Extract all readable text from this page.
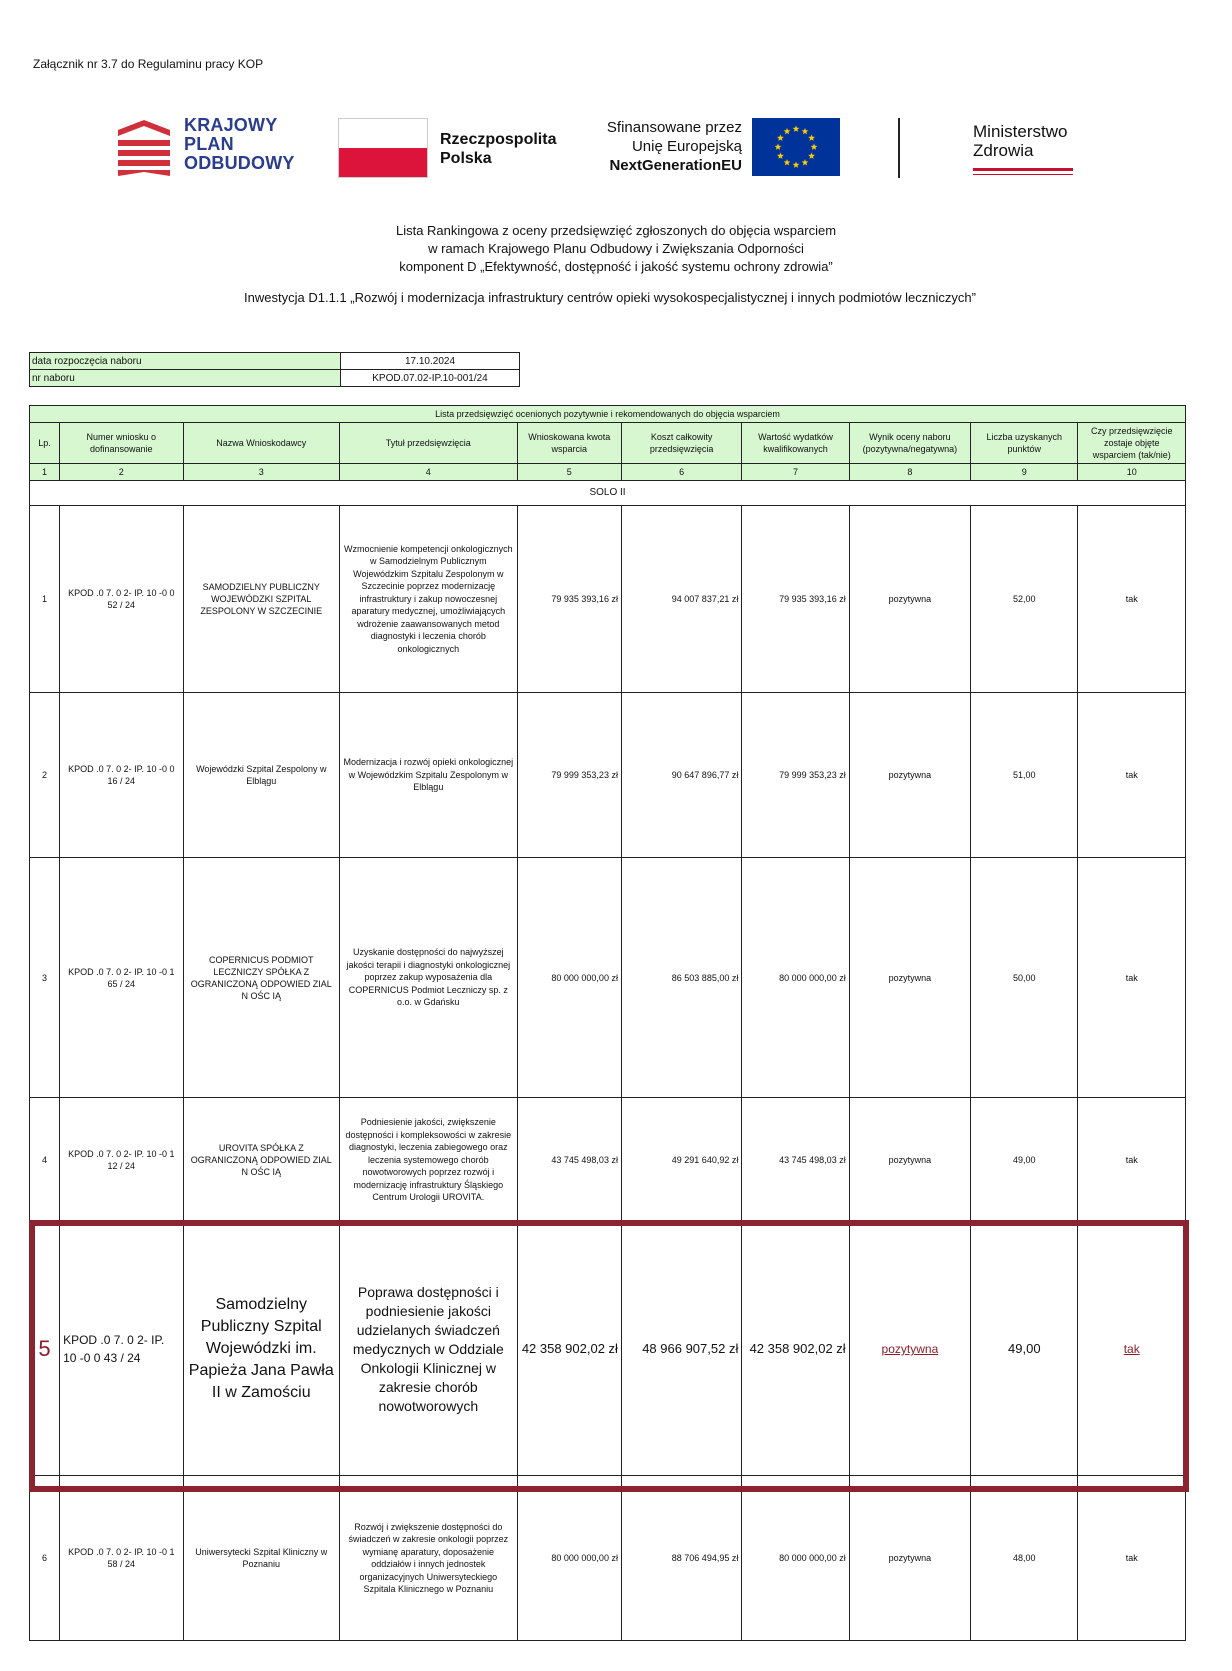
Załącznik nr 3.7 do Regulaminu pracy KOP
KRAJOWY
PLAN
ODBUDOWY
Rzeczpospolita
Polska
Sfinansowane przez
Unię Europejską
NextGenerationEU
Ministerstwo
Zdrowia
Lista Rankingowa z oceny przedsięwzięć zgłoszonych do objęcia wsparciem
w ramach Krajowego Planu Odbudowy i Zwiększania Odporności
komponent D „Efektywność, dostępność i jakość systemu ochrony zdrowia”
Inwestycja D1.1.1 „Rozwój i modernizacja infrastruktury centrów opieki wysokospecjalistycznej i innych podmiotów leczniczych”
data rozpoczęcia naboru	17.10.2024
nr naboru	KPOD.07.02-IP.10-001/24
Lista przedsięwzięć ocenionych pozytywnie i rekomendowanych do objęcia wsparciem									
Lp.	Numer wniosku o dofinansowanie	Nazwa Wnioskodawcy	Tytuł przedsięwzięcia	Wnioskowana kwota wsparcia	Koszt całkowity przedsięwzięcia	Wartość wydatków kwalifikowanych	Wynik oceny naboru (pozytywna/negatywna)	Liczba uzyskanych punktów	Czy przedsięwzięcie zostaje objęte wsparciem (tak/nie)
1	2	3	4	5	6	7	8	9	10
SOLO II									
1	KPOD .0 7. 0 2- IP. 10 -0 0 52 / 24	SAMODZIELNY PUBLICZNY WOJEWÓDZKI SZPITAL ZESPOLONY W SZCZECINIE	Wzmocnienie kompetencji onkologicznych w Samodzielnym Publicznym Wojewódzkim Szpitalu Zespolonym w Szczecinie poprzez modernizację infrastruktury i zakup nowoczesnej aparatury medycznej, umożliwiających wdrożenie zaawansowanych metod diagnostyki i leczenia chorób onkologicznych	79 935 393,16 zł	94 007 837,21 zł	79 935 393,16 zł	pozytywna	52,00	tak
2	KPOD .0 7. 0 2- IP. 10 -0 0 16 / 24	Wojewódzki Szpital Zespolony w Elblągu	Modernizacja i rozwój opieki onkologicznej w Wojewódzkim Szpitalu Zespolonym w Elblągu	79 999 353,23 zł	90 647 896,77 zł	79 999 353,23 zł	pozytywna	51,00	tak
3	KPOD .0 7. 0 2- IP. 10 -0 1 65 / 24	COPERNICUS PODMIOT LECZNICZY SPÓŁKA Z OGRANICZONĄ ODPOWIED ZIAL N OŚC IĄ	Uzyskanie dostępności do najwyższej jakości terapii i diagnostyki onkologicznej poprzez zakup wyposażenia dla COPERNICUS Podmiot Leczniczy sp. z o.o. w Gdańsku	80 000 000,00 zł	86 503 885,00 zł	80 000 000,00 zł	pozytywna	50,00	tak
4	KPOD .0 7. 0 2- IP. 10 -0 1 12 / 24	UROVITA SPÓŁKA Z OGRANICZONĄ ODPOWIED ZIAL N OŚC IĄ	Podniesienie jakości, zwiększenie dostępności i kompleksowości w zakresie diagnostyki, leczenia zabiegowego oraz leczenia systemowego chorób nowotworowych poprzez rozwój i modernizację infrastruktury Śląskiego Centrum Urologii UROVITA.	43 745 498,03 zł	49 291 640,92 zł	43 745 498,03 zł	pozytywna	49,00	tak
5	KPOD .0 7. 0 2- IP. 10 -0 0 43 / 24	Samodzielny Publiczny Szpital Wojewódzki im. Papieża Jana Pawła II w Zamościu	Poprawa dostępności i podniesienie jakości udzielanych świadczeń medycznych w Oddziale Onkologii Klinicznej w zakresie chorób nowotworowych	42 358 902,02 zł	48 966 907,52 zł	42 358 902,02 zł	pozytywna	49,00	tak
6	KPOD .0 7. 0 2- IP. 10 -0 1 58 / 24	Uniwersytecki Szpital Kliniczny w Poznaniu	Rozwój i zwiększenie dostępności do świadczeń w zakresie onkologii poprzez wymianę aparatury, doposażenie oddziałów i innych jednostek organizacyjnych Uniwersyteckiego Szpitala Klinicznego w Poznaniu	80 000 000,00 zł	88 706 494,95 zł	80 000 000,00 zł	pozytywna	48,00	tak
